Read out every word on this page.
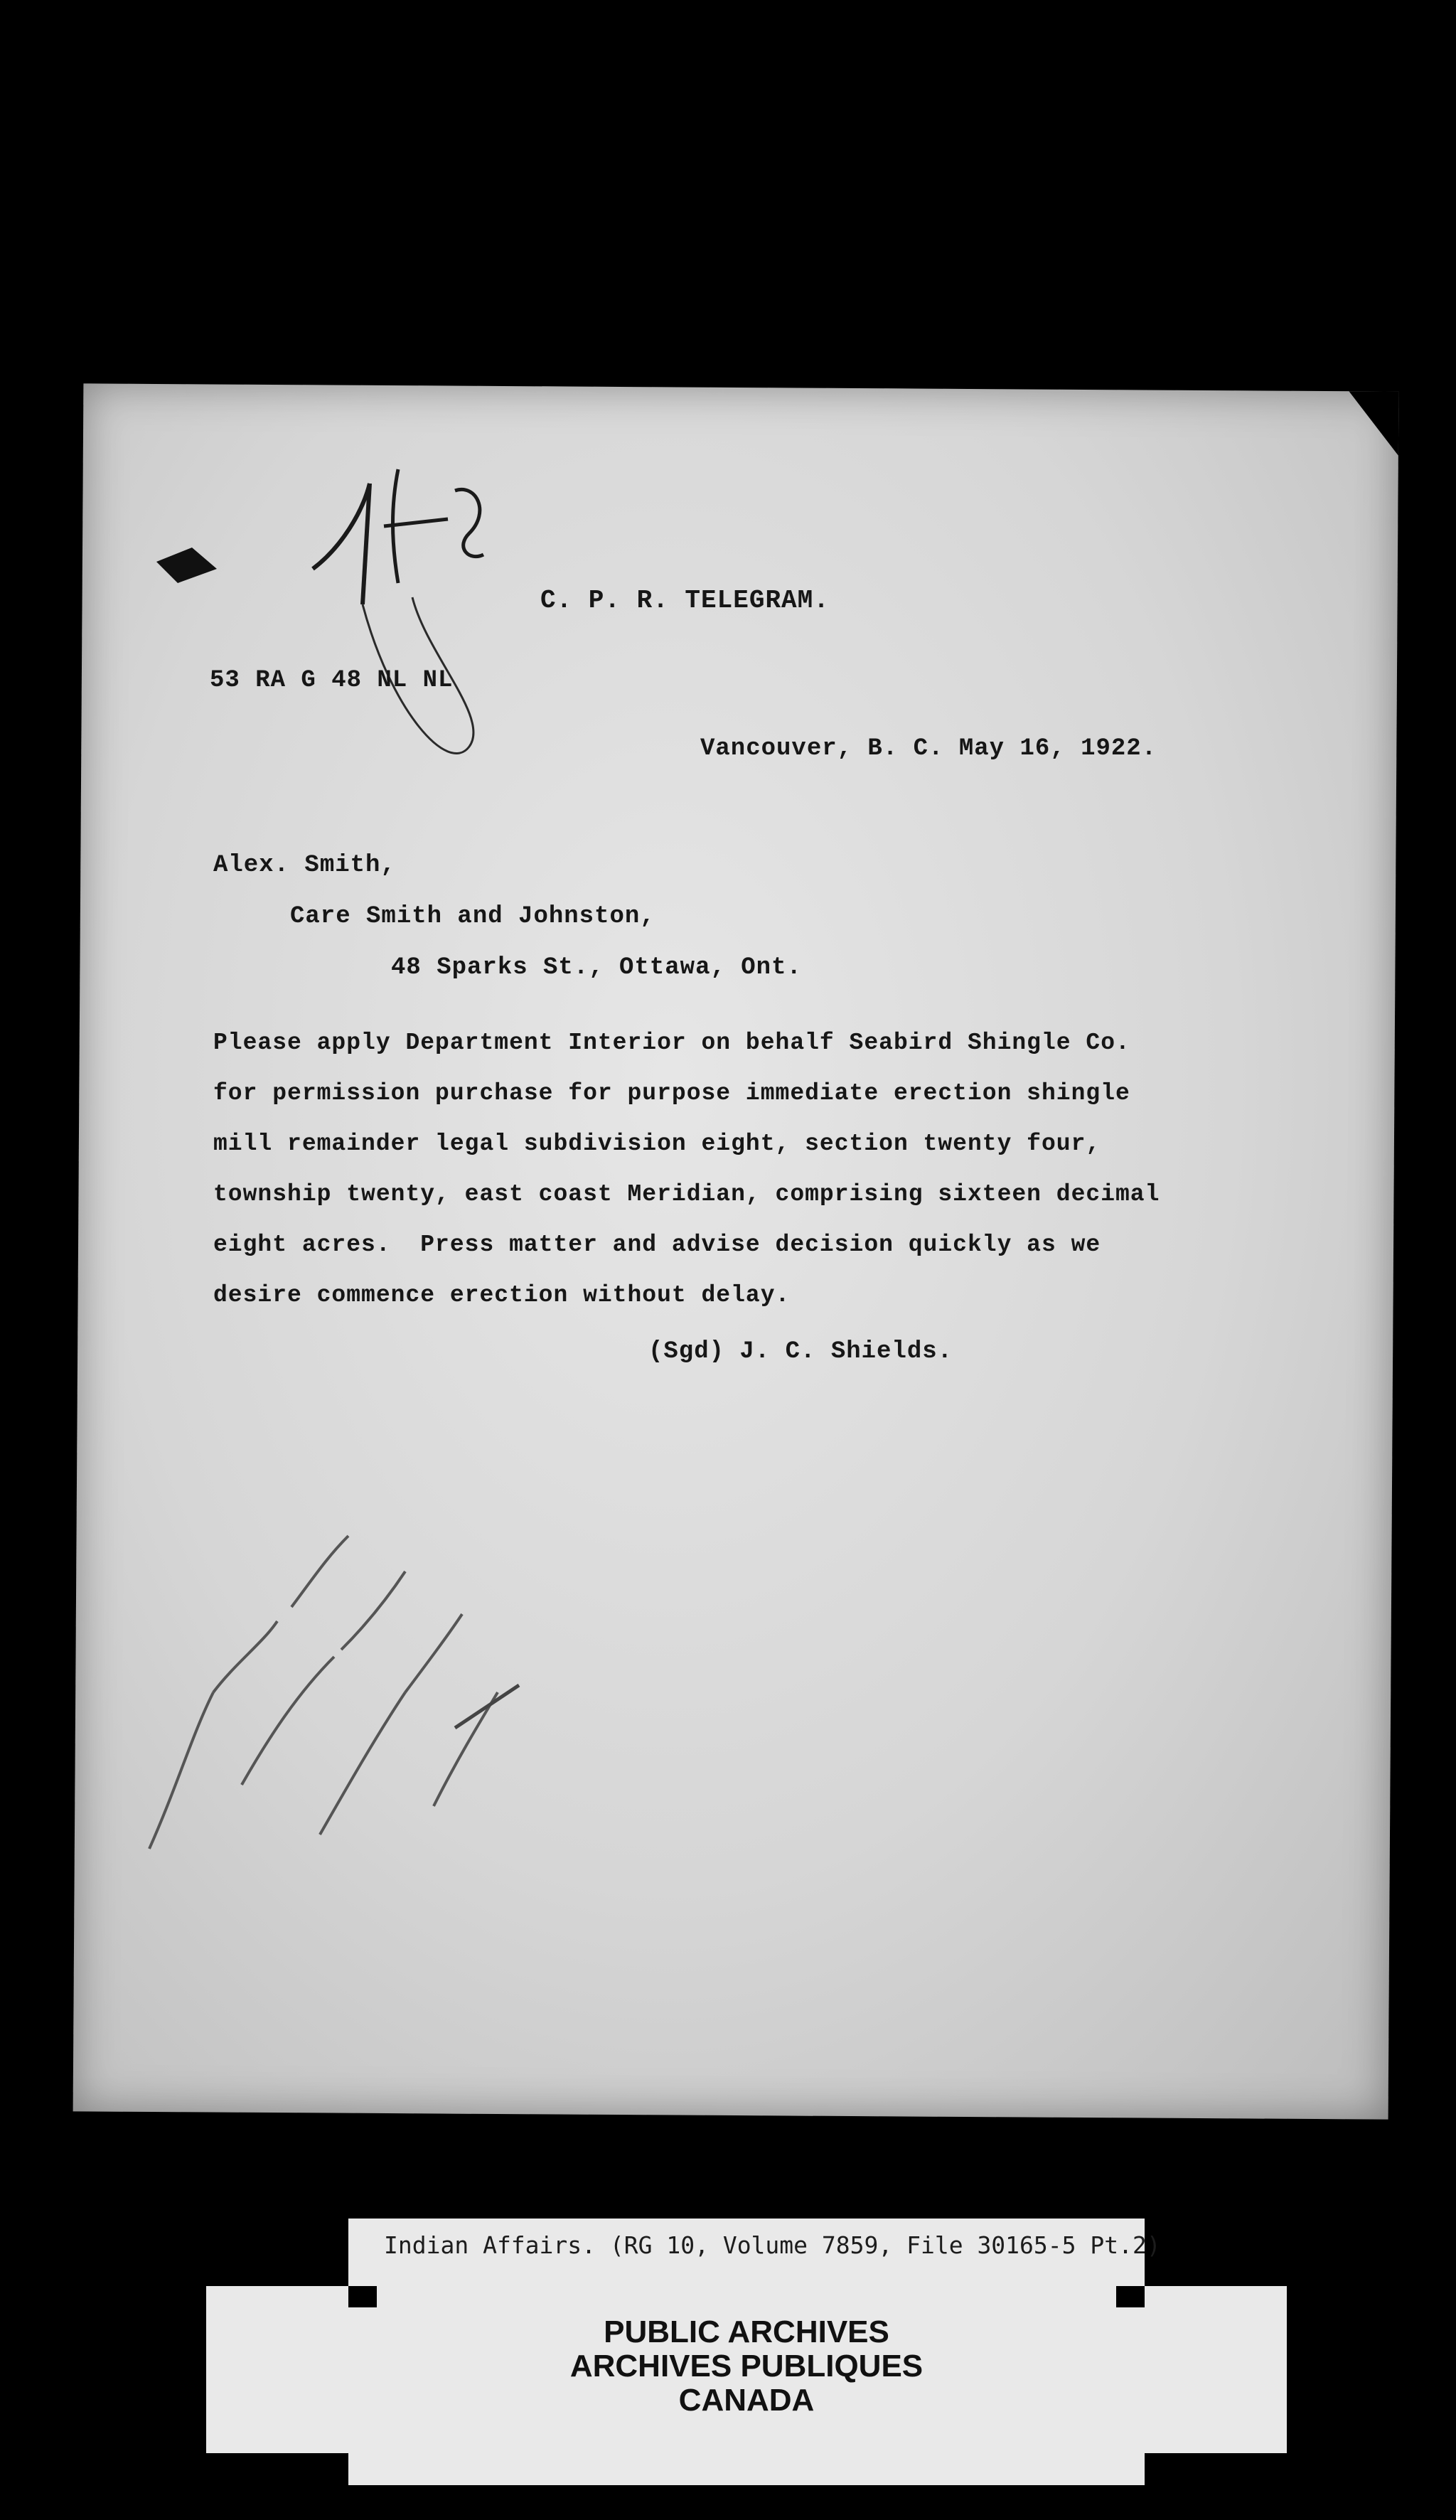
C. P. R. TELEGRAM.
53 RA G 48 NL NL
Vancouver, B. C. May 16, 1922.
Alex. Smith,
Care Smith and Johnston,
48 Sparks St., Ottawa, Ont.
Please apply Department Interior on behalf Seabird Shingle Co.
for permission purchase for purpose immediate erection shingle
mill remainder legal subdivision eight, section twenty four,
township twenty, east coast Meridian, comprising sixteen decimal
eight acres.  Press matter and advise decision quickly as we
desire commence erection without delay.
(Sgd) J. C. Shields.
Indian Affairs. (RG 10, Volume 7859, File 30165-5 Pt.2)
PUBLIC ARCHIVES
ARCHIVES PUBLIQUES
CANADA
